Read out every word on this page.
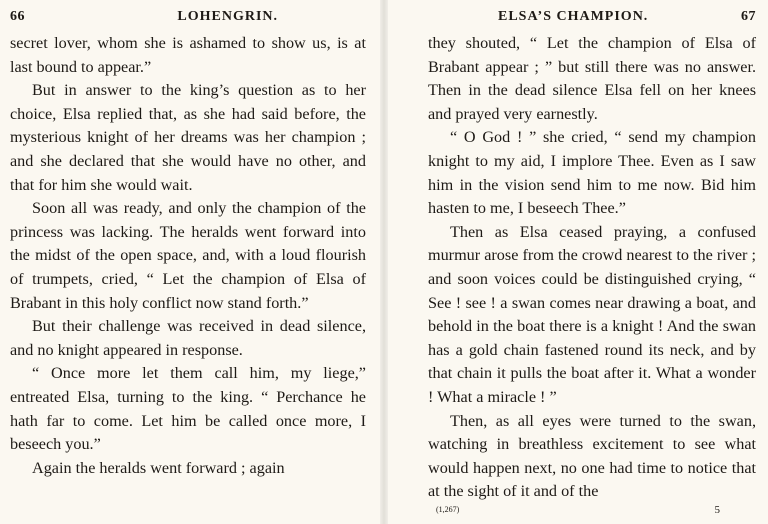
66	LOHENGRIN.

secret lover, whom she is ashamed to show us, is at last bound to appear.”

But in answer to the king’s question as to her choice, Elsa replied that, as she had said before, the mysterious knight of her dreams was her champion ; and she declared that she would have no other, and that for him she would wait.

Soon all was ready, and only the champion of the princess was lacking. The heralds went forward into the midst of the open space, and, with a loud flourish of trumpets, cried, “ Let the champion of Elsa of Brabant in this holy conflict now stand forth.”

But their challenge was received in dead silence, and no knight appeared in response.

“ Once more let them call him, my liege,” entreated Elsa, turning to the king. “ Perchance he hath far to come. Let him be called once more, I beseech you.”

Again the heralds went forward ; again

ELSA’S CHAMPION.	67

they shouted, “ Let the champion of Elsa of Brabant appear ; ” but still there was no answer. Then in the dead silence Elsa fell on her knees and prayed very earnestly.

“ O God ! ” she cried, “ send my champion knight to my aid, I implore Thee. Even as I saw him in the vision send him to me now. Bid him hasten to me, I beseech Thee.”

Then as Elsa ceased praying, a confused murmur arose from the crowd nearest to the river ; and soon voices could be distinguished crying, “ See ! see ! a swan comes near drawing a boat, and behold in the boat there is a knight ! And the swan has a gold chain fastened round its neck, and by that chain it pulls the boat after it. What a wonder ! What a miracle ! ”

Then, as all eyes were turned to the swan, watching in breathless excitement to see what would happen next, no one had time to notice that at the sight of it and of the

(1,267)	5
